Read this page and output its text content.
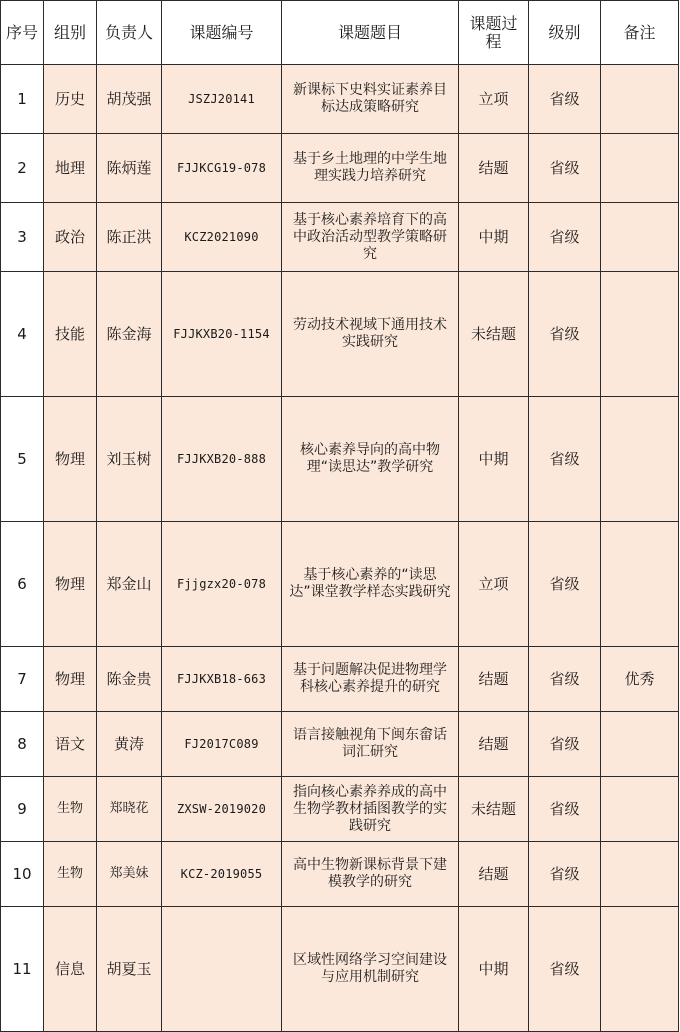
序号	组别	负责人	课题编号	课题题目	课题过程	级别	备注
1	历史	胡茂强	JSZJ20141	新课标下史料实证素养目标达成策略研究	立项	省级	
2	地理	陈炳莲	FJJKCG19-078	基于乡土地理的中学生地理实践力培养研究	结题	省级	
3	政治	陈正洪	KCZ2021090	基于核心素养培育下的高中政治活动型教学策略研究	中期	省级	
4	技能	陈金海	FJJKXB20-1154	劳动技术视域下通用技术实践研究	未结题	省级	
5	物理	刘玉树	FJJKXB20-888	核心素养导向的高中物理“读思达”教学研究	中期	省级	
6	物理	郑金山	Fjjgzx20-078	基于核心素养的“读思达”课堂教学样态实践研究	立项	省级	
7	物理	陈金贵	FJJKXB18-663	基于问题解决促进物理学科核心素养提升的研究	结题	省级	优秀
8	语文	黄涛	FJ2017C089	语言接触视角下闽东畲话词汇研究	结题	省级	
9	生物	郑晓花	ZXSW-2019020	指向核心素养养成的高中生物学教材插图教学的实践研究	未结题	省级	
10	生物	郑美妹	KCZ-2019055	高中生物新课标背景下建模教学的研究	结题	省级	
11	信息	胡夏玉		区域性网络学习空间建设与应用机制研究	中期	省级	
